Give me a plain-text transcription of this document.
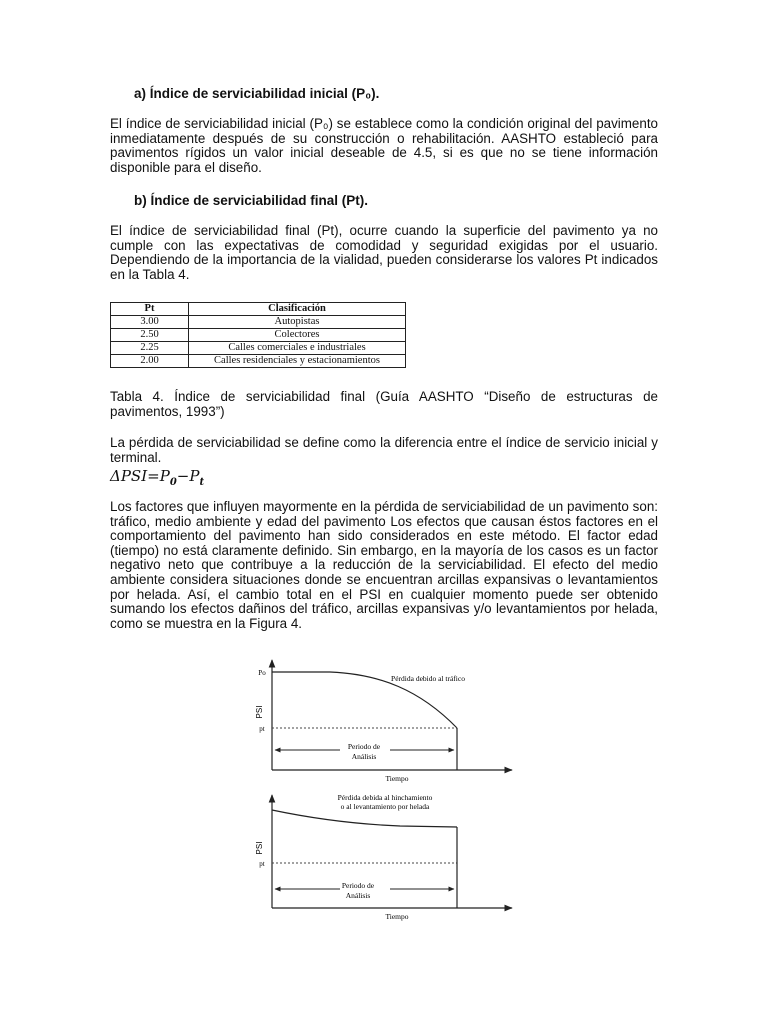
a) Índice de serviciabilidad inicial (P₀).

El índice de serviciabilidad inicial (P₀) se establece como la condición original del pavimento inmediatamente después de su construcción o rehabilitación. AASHTO estableció para pavimentos rígidos un valor inicial deseable de 4.5, si es que no se tiene información disponible para el diseño.

b) Índice de serviciabilidad final (Pt).

El índice de serviciabilidad final (Pt), ocurre cuando la superficie del pavimento ya no cumple con las expectativas de comodidad y seguridad exigidas por el usuario. Dependiendo de la importancia de la vialidad, pueden considerarse los valores Pt indicados en la Tabla 4.

Pt	Clasificación
3.00	Autopistas
2.50	Colectores
2.25	Calles comerciales e industriales
2.00	Calles residenciales y estacionamientos

Tabla 4. Índice de serviciabilidad final (Guía AASHTO “Diseño de estructuras de pavimentos, 1993”)

La pérdida de serviciabilidad se define como la diferencia entre el índice de servicio inicial y terminal.

$\Delta PSI=P_0-P_t$

Los factores que influyen mayormente en la pérdida de serviciabilidad de un pavimento son: tráfico, medio ambiente y edad del pavimento Los efectos que causan éstos factores en el comportamiento del pavimento han sido considerados en este método. El factor edad (tiempo) no está claramente definido. Sin embargo, en la mayoría de los casos es un factor negativo neto que contribuye a la reducción de la serviciabilidad. El efecto del medio ambiente considera situaciones donde se encuentran arcillas expansivas o levantamientos por helada. Así, el cambio total en el PSI en cualquier momento puede ser obtenido sumando los efectos dañinos del tráfico, arcillas expansivas y/o levantamientos por helada, como se muestra en la Figura 4.

Po
pt
PSI
Pérdida debido al tráfico
Periodo de
Análisis
Tiempo
pt
PSI
Pérdida debida al hinchamiento
o al levantamiento por helada
Periodo de
Análisis
Tiempo
